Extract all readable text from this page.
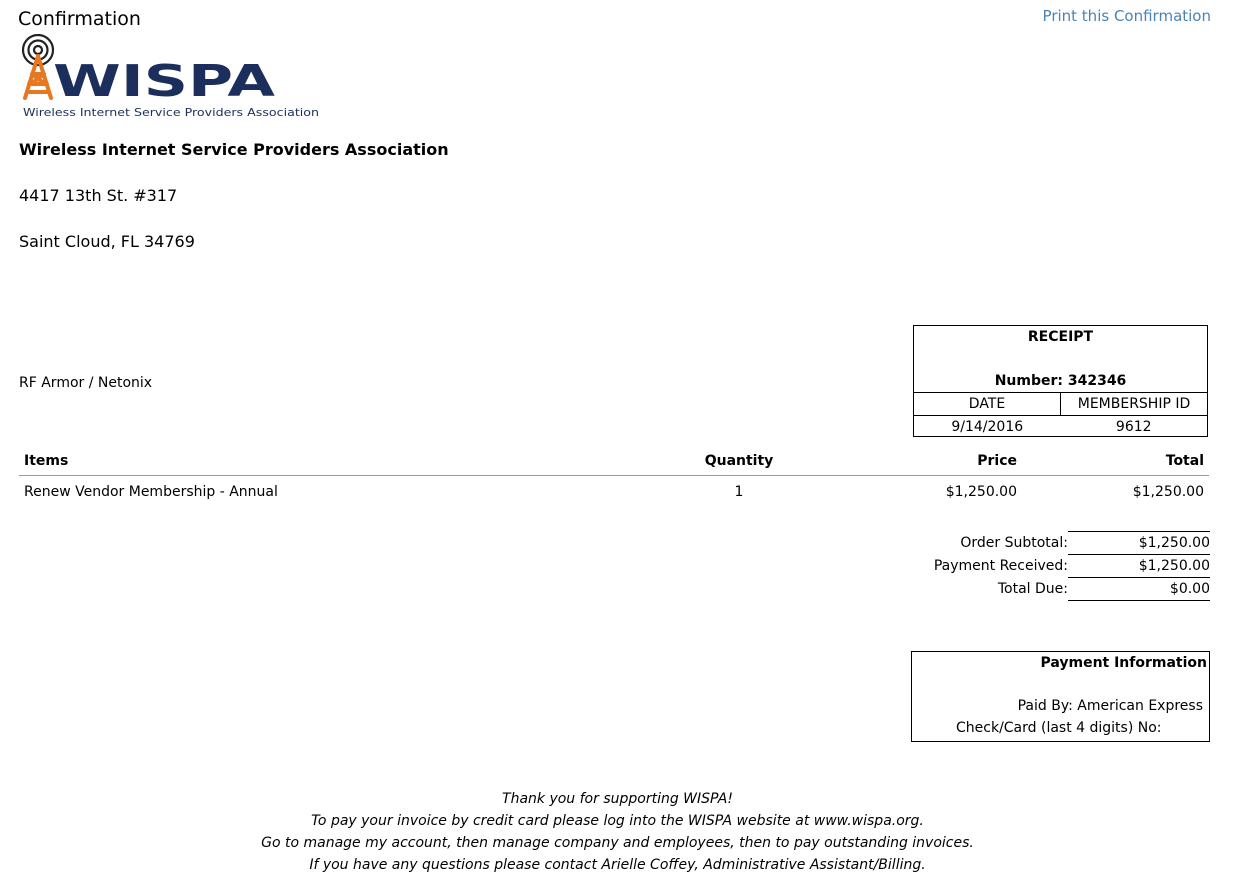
Confirmation	Print this Confirmation
WISPA
Wireless Internet Service Providers Association
Wireless Internet Service Providers Association
4417 13th St. #317
Saint Cloud, FL 34769
RF Armor / Netonix
RECEIPT
Number: 342346
DATE	MEMBERSHIP ID
9/14/2016	9612
Items	Quantity	Price	Total
Renew Vendor Membership - Annual	1	$1,250.00	$1,250.00
Order Subtotal:	$1,250.00
Payment Received:	$1,250.00
Total Due:	$0.00
Payment Information
Paid By: American Express
Check/Card (last 4 digits) No:
Thank you for supporting WISPA!
To pay your invoice by credit card please log into the WISPA website at www.wispa.org.
Go to manage my account, then manage company and employees, then to pay outstanding invoices.
If you have any questions please contact Arielle Coffey, Administrative Assistant/Billing.
